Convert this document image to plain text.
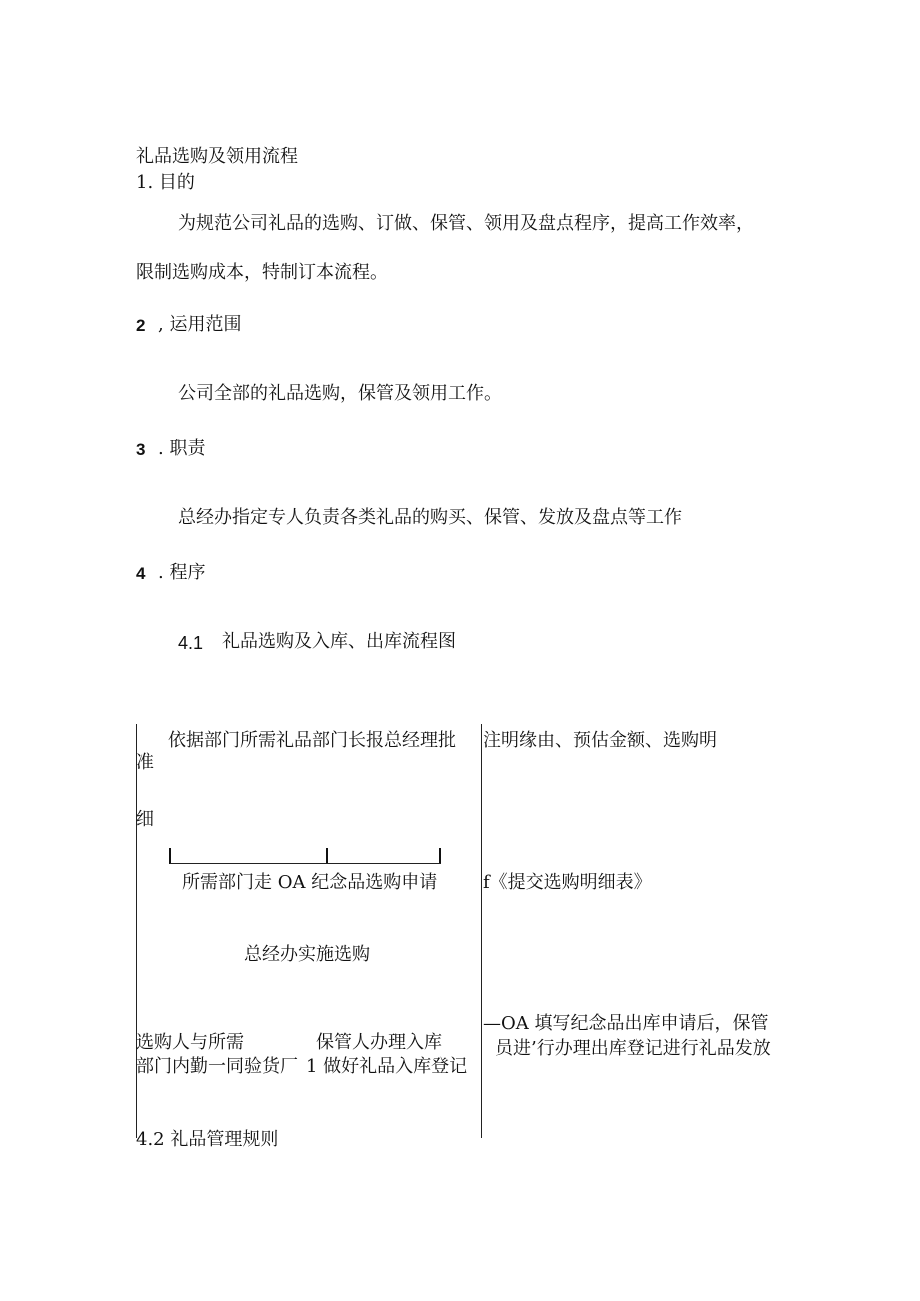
礼品选购及领用流程
1. 目的
为规范公司礼品的选购、订做、保管、领用及盘点程序，提高工作效率，
限制选购成本，特制订本流程。
2 , 运用范围
公司全部的礼品选购，保管及领用工作。
3 . 职责
总经办指定专人负责各类礼品的购买、保管、发放及盘点等工作
4 . 程序
4.1 礼品选购及入库、出库流程图
依据部门所需礼品部门长报总经理批
准
细
所需部门走 OA 纪念品选购申请
总经办实施选购
选购人与所需
部门内勤一同验货厂
保管人办理入库
1 做好礼品入库登记
注明缘由、预估金额、选购明
f《提交选购明细表》
—OA 填写纪念品出库申请后，保管
员进’行办理出库登记进行礼品发放
4.2 礼品管理规则
